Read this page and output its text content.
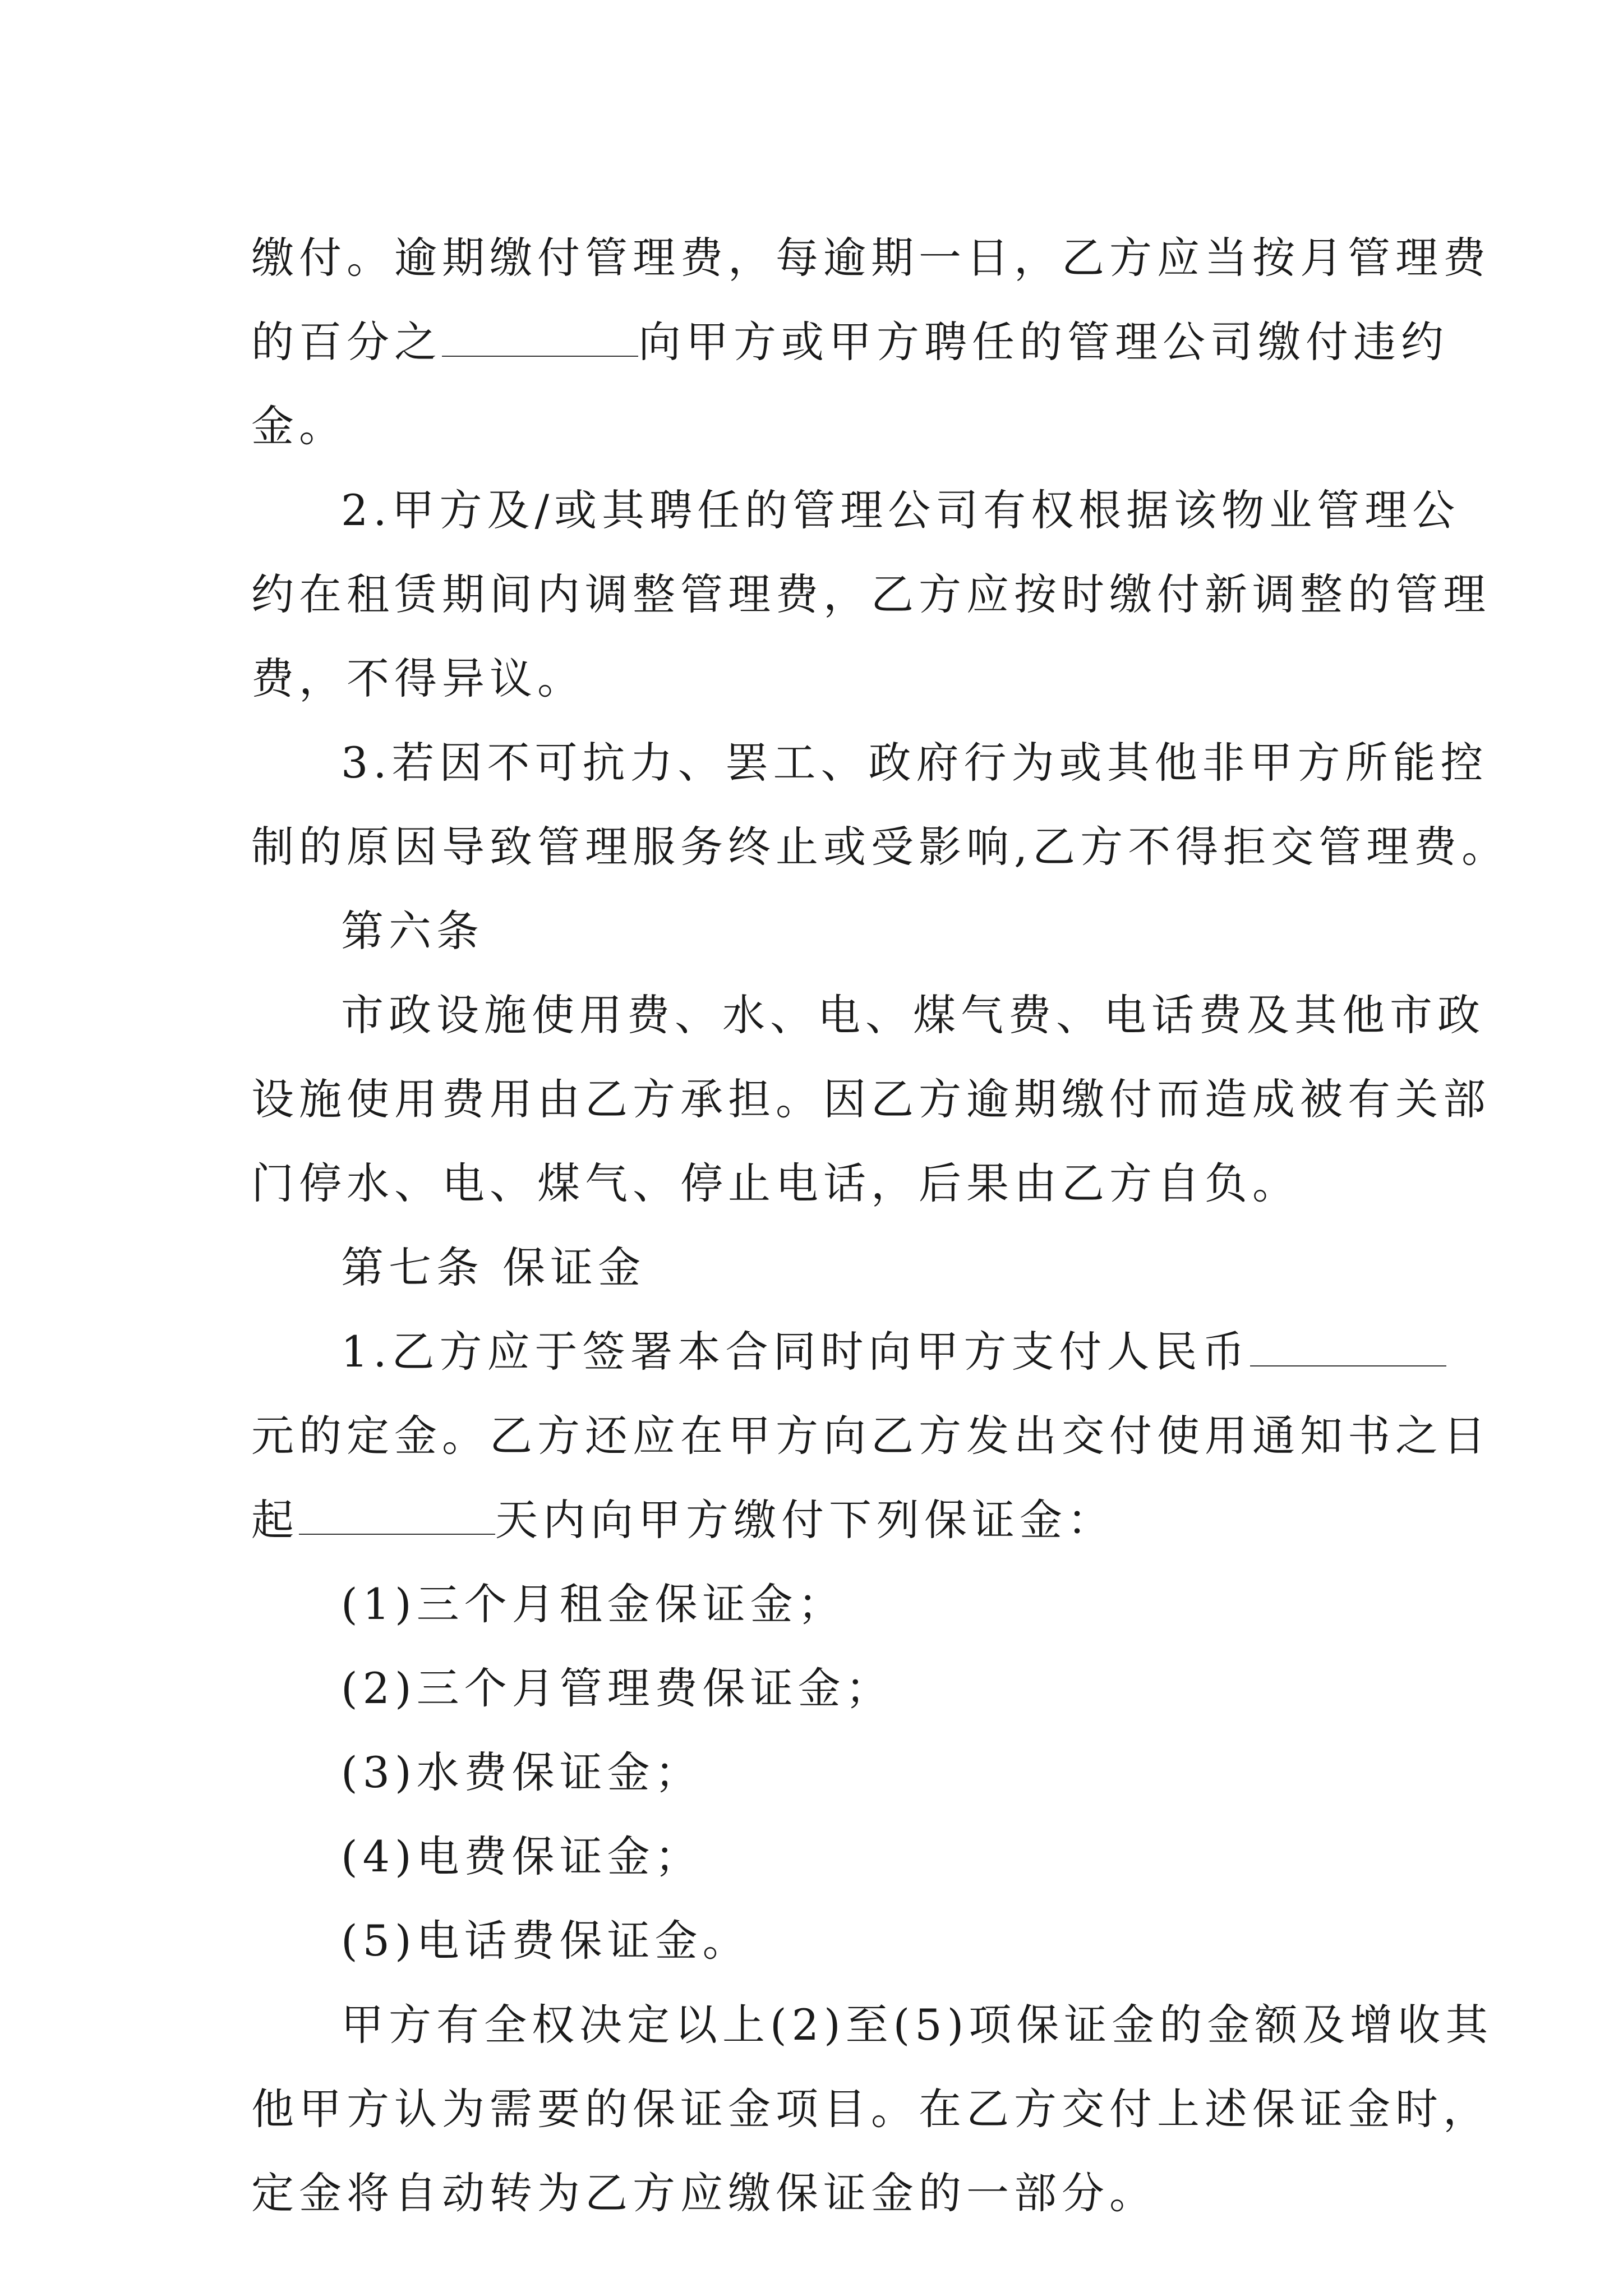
缴付。逾期缴付管理费，每逾期一日，乙方应当按月管理费
的百分之	向甲方或甲方聘任的管理公司缴付违约
金。
2.甲方及/或其聘任的管理公司有权根据该物业管理公
约在租赁期间内调整管理费，乙方应按时缴付新调整的管理
费，不得异议。
3.若因不可抗力、罢工、政府行为或其他非甲方所能控
制的原因导致管理服务终止或受影响,乙方不得拒交管理费。
第六条
市政设施使用费、水、电、煤气费、电话费及其他市政
设施使用费用由乙方承担。因乙方逾期缴付而造成被有关部
门停水、电、煤气、停止电话，后果由乙方自负。
第七条 保证金
1.乙方应于签署本合同时向甲方支付人民币
元的定金。乙方还应在甲方向乙方发出交付使用通知书之日
起	天内向甲方缴付下列保证金：
(1)三个月租金保证金；
(2)三个月管理费保证金；
(3)水费保证金；
(4)电费保证金；
(5)电话费保证金。
甲方有全权决定以上(2)至(5)项保证金的金额及增收其
他甲方认为需要的保证金项目。在乙方交付上述保证金时，
定金将自动转为乙方应缴保证金的一部分。
